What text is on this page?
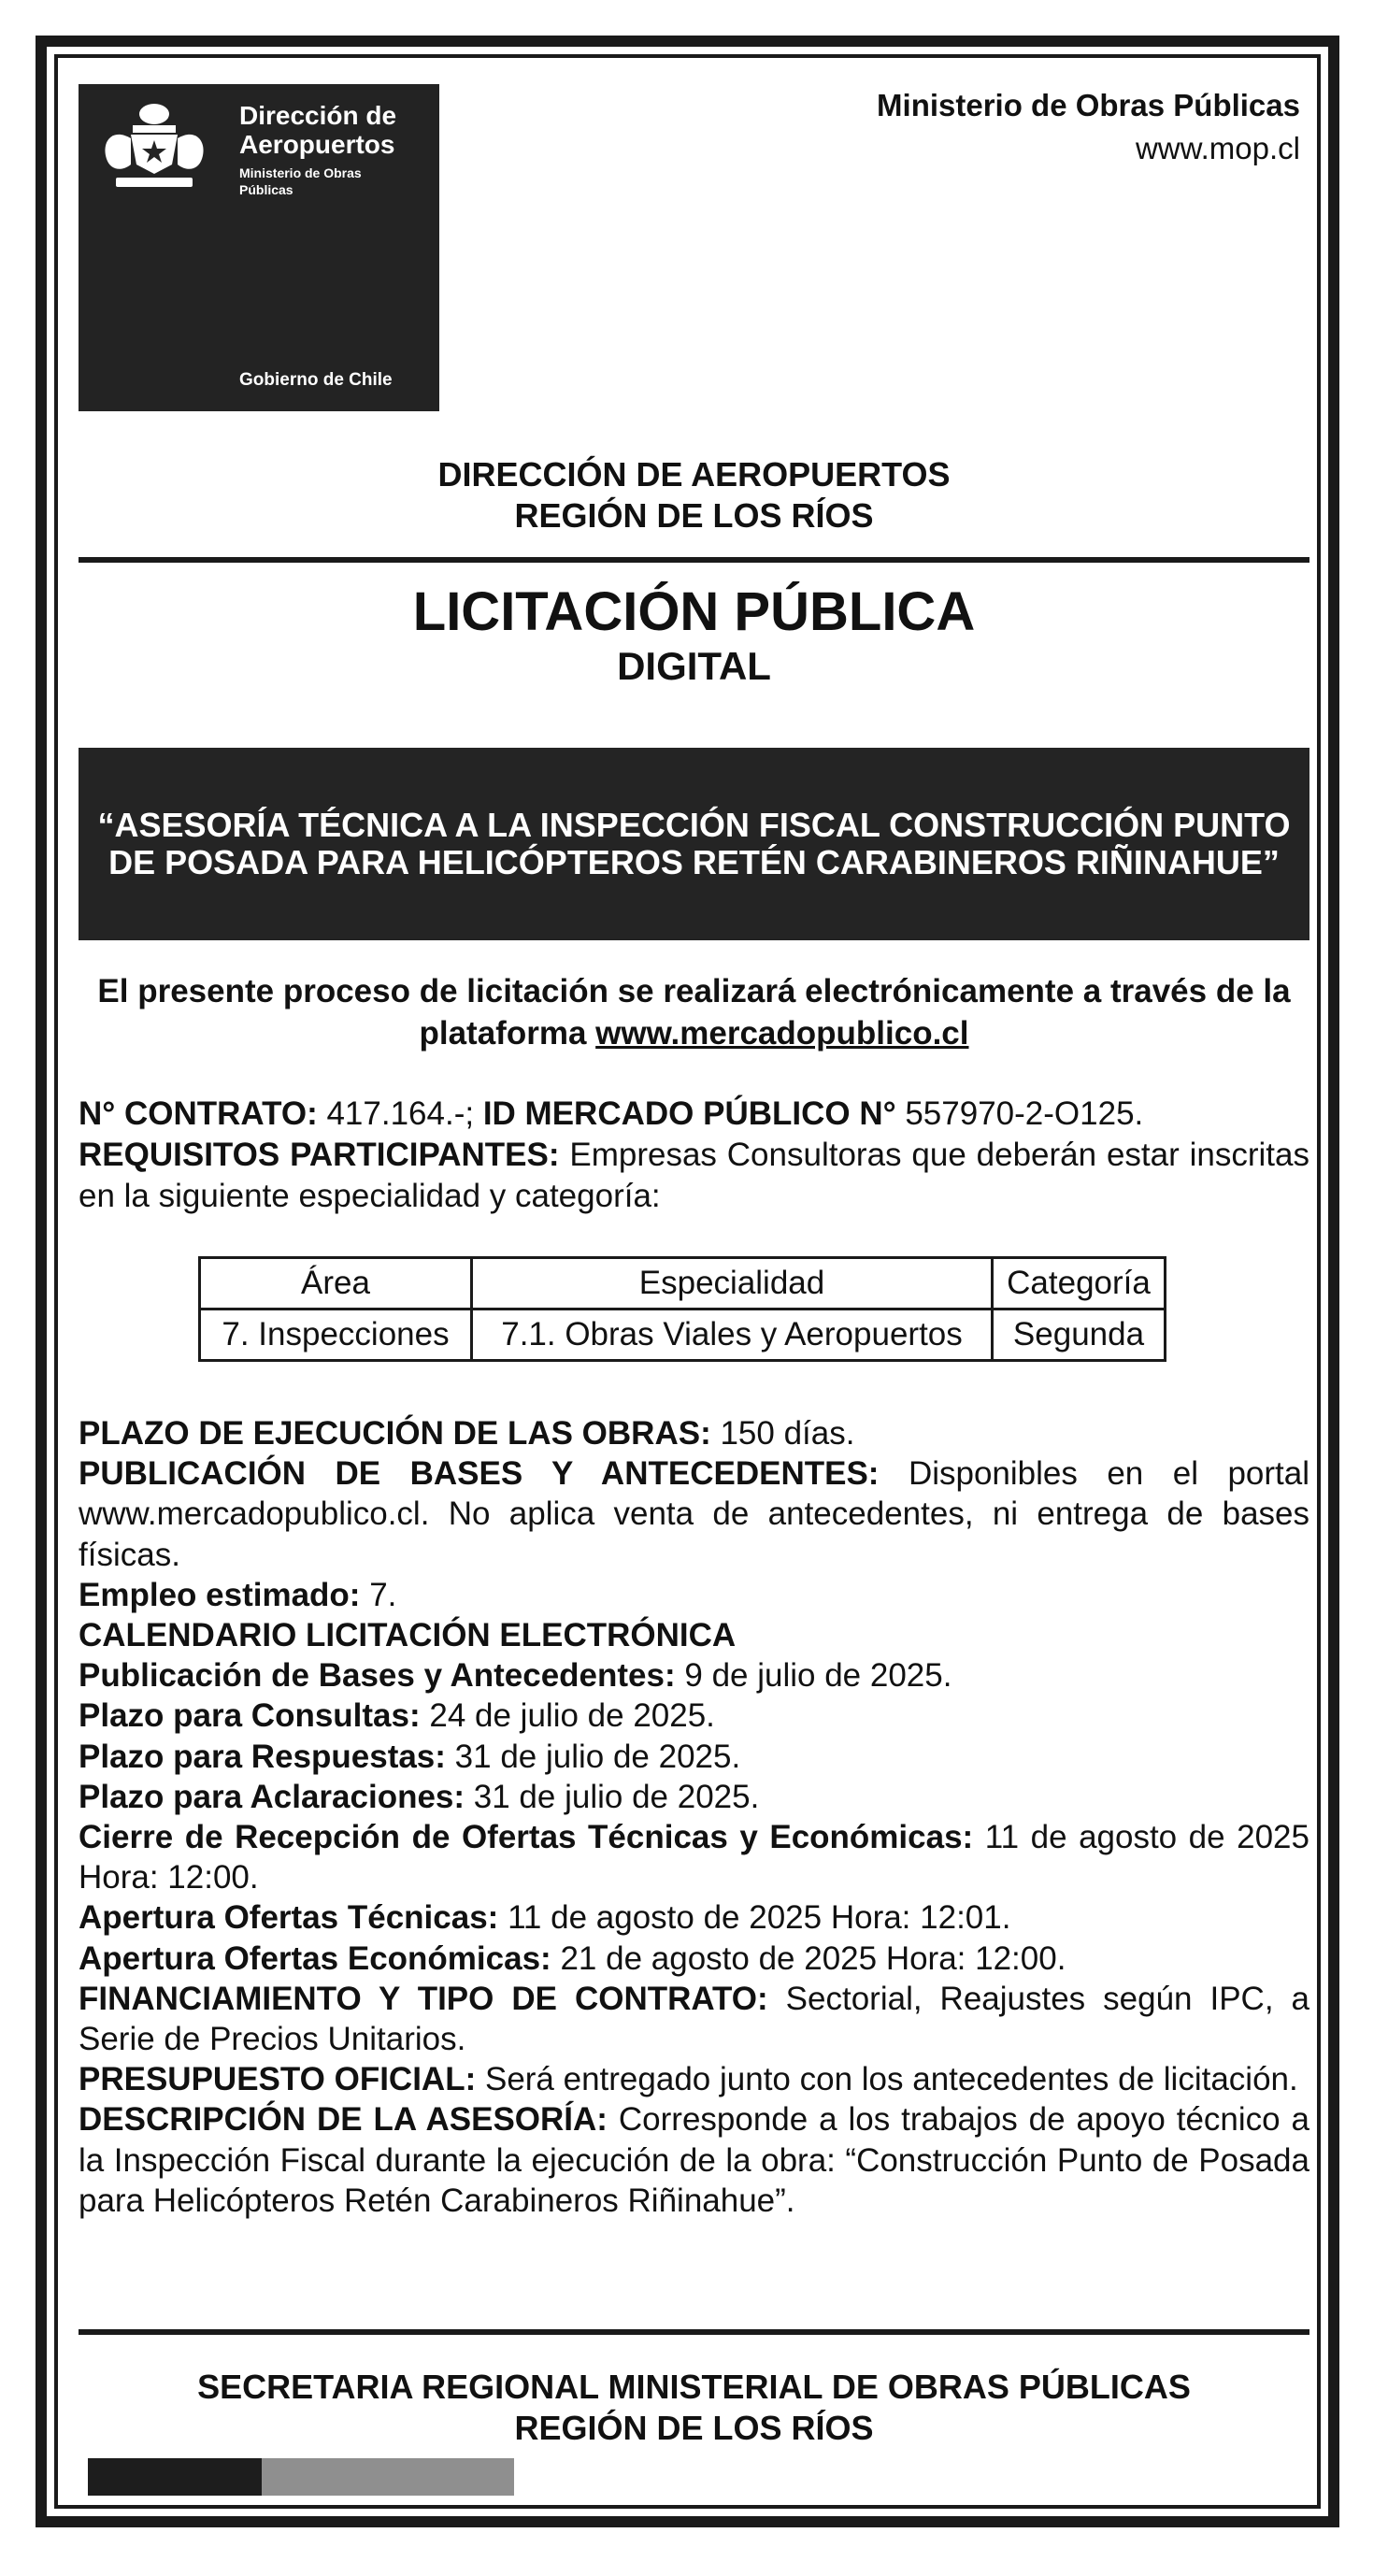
Dirección de
Aeropuertos
Ministerio de Obras
Públicas
Gobierno de Chile
Ministerio de Obras Públicas
www.mop.cl
DIRECCIÓN DE AEROPUERTOS
REGIÓN DE LOS RÍOS
LICITACIÓN PÚBLICA
DIGITAL
“ASESORÍA TÉCNICA A LA INSPECCIÓN FISCAL CONSTRUCCIÓN PUNTO DE POSADA PARA HELICÓPTEROS RETÉN CARABINEROS RIÑINAHUE”
El presente proceso de licitación se realizará electrónicamente a través de la plataforma www.mercadopublico.cl
N° CONTRATO: 417.164.-; ID MERCADO PÚBLICO N° 557970-2-O125.
REQUISITOS PARTICIPANTES: Empresas Consultoras que deberán estar inscritas en la siguiente especialidad y categoría:
Área	Especialidad	Categoría
7. Inspecciones	7.1. Obras Viales y Aeropuertos	Segunda

PLAZO DE EJECUCIÓN DE LAS OBRAS: 150 días.

PUBLICACIÓN DE BASES Y ANTECEDENTES: Disponibles en el portal www.mercadopublico.cl. No aplica venta de antecedentes, ni entrega de bases físicas.

Empleo estimado: 7.

CALENDARIO LICITACIÓN ELECTRÓNICA

Publicación de Bases y Antecedentes: 9 de julio de 2025.

Plazo para Consultas: 24 de julio de 2025.

Plazo para Respuestas: 31 de julio de 2025.

Plazo para Aclaraciones: 31 de julio de 2025.

Cierre de Recepción de Ofertas Técnicas y Económicas: 11 de agosto de 2025 Hora: 12:00.

Apertura Ofertas Técnicas: 11 de agosto de 2025 Hora: 12:01.

Apertura Ofertas Económicas: 21 de agosto de 2025 Hora: 12:00.

FINANCIAMIENTO Y TIPO DE CONTRATO: Sectorial, Reajustes según IPC, a Serie de Precios Unitarios.

PRESUPUESTO OFICIAL: Será entregado junto con los antecedentes de licitación.

DESCRIPCIÓN DE LA ASESORÍA: Corresponde a los trabajos de apoyo técnico a la Inspección Fiscal durante la ejecución de la obra: “Construcción Punto de Posada para Helicópteros Retén Carabineros Riñinahue”.

SECRETARIA REGIONAL MINISTERIAL DE OBRAS PÚBLICAS
REGIÓN DE LOS RÍOS
